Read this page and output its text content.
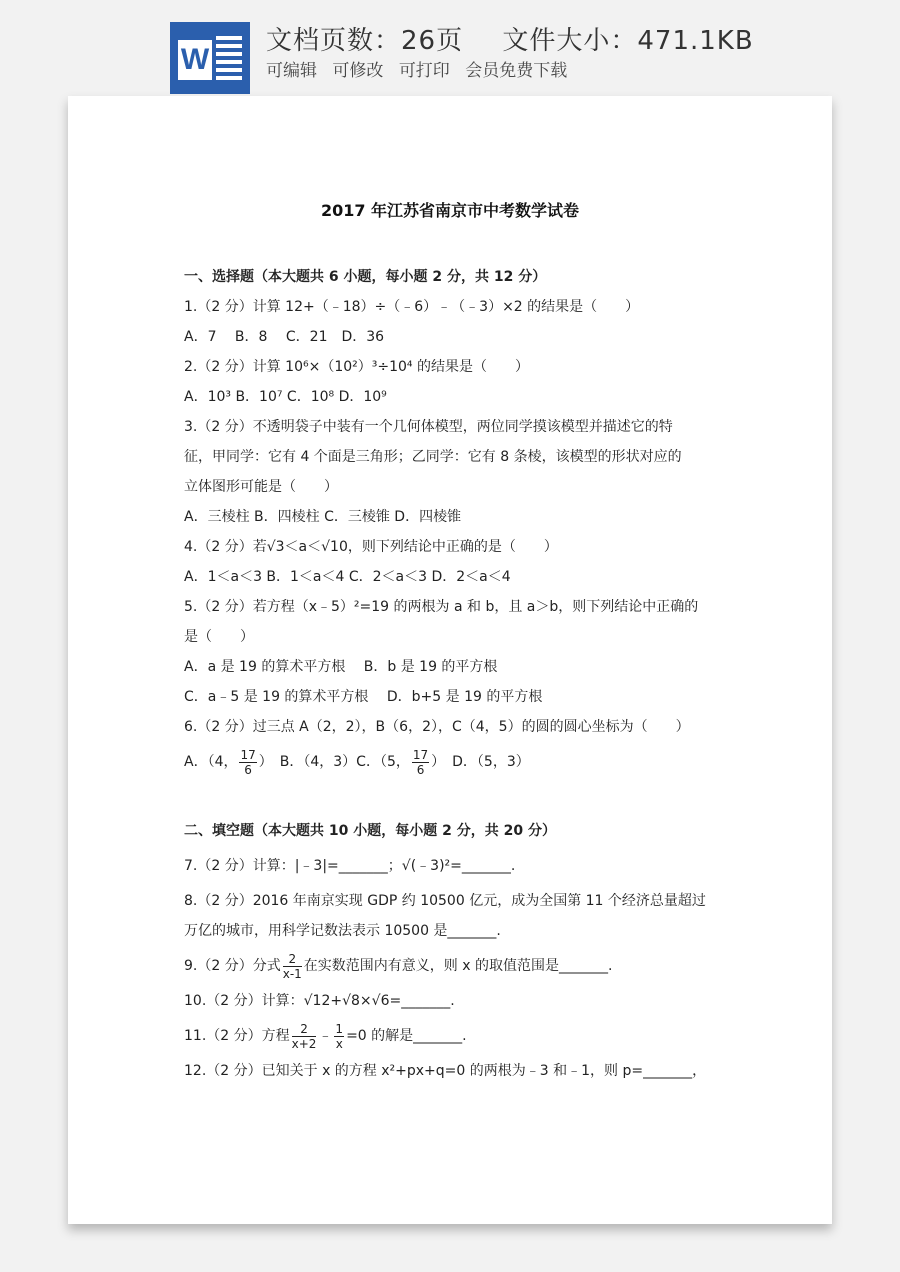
W
文档页数：26页 文件大小：471.1KB
可编辑 可修改 可打印 会员免费下载
2017 年江苏省南京市中考数学试卷
一、选择题（本大题共 6 小题，每小题 2 分，共 12 分）
1.（2 分）计算 12+（﹣18）÷（﹣6）﹣（﹣3）×2 的结果是（　　）
A．7　 B．8　 C．21　D．36
2.（2 分）计算 10⁶×（10²）³÷10⁴ 的结果是（　　）
A．10³ B．10⁷ C．10⁸ D．10⁹
3.（2 分）不透明袋子中装有一个几何体模型，两位同学摸该模型并描述它的特
征，甲同学：它有 4 个面是三角形；乙同学：它有 8 条棱，该模型的形状对应的
立体图形可能是（　　）
A．三棱柱 B．四棱柱 C．三棱锥 D．四棱锥
4.（2 分）若√3＜a＜√10，则下列结论中正确的是（　　）
A．1＜a＜3 B．1＜a＜4 C．2＜a＜3 D．2＜a＜4
5.（2 分）若方程（x﹣5）²=19 的两根为 a 和 b，且 a＞b，则下列结论中正确的
是（　　）
A．a 是 19 的算术平方根　 B．b 是 19 的平方根
C．a﹣5 是 19 的算术平方根　 D．b+5 是 19 的平方根
6.（2 分）过三点 A（2，2），B（6，2），C（4，5）的圆的圆心坐标为（　　）
A．（4， $\frac{17}{6}$ ）　B．（4，3）C．（5， $\frac{17}{6}$ ）　D．（5，3）
二、填空题（本大题共 10 小题，每小题 2 分，共 20 分）
7.（2 分）计算：|﹣3|=_______；√(﹣3)²=_______.
8.（2 分）2016 年南京实现 GDP 约 10500 亿元，成为全国第 11 个经济总量超过
万亿的城市，用科学记数法表示 10500 是_______.
9.（2 分）分式 $\frac{2}{x-1}$ 在实数范围内有意义，则 x 的取值范围是_______.
10.（2 分）计算：√12+√8×√6=_______.
11.（2 分）方程 $\frac{2}{x+2}$ ﹣ $\frac{1}{x} =0$ 的解是_______.
12.（2 分）已知关于 x 的方程 x²+px+q=0 的两根为﹣3 和﹣1，则 p=_______，
